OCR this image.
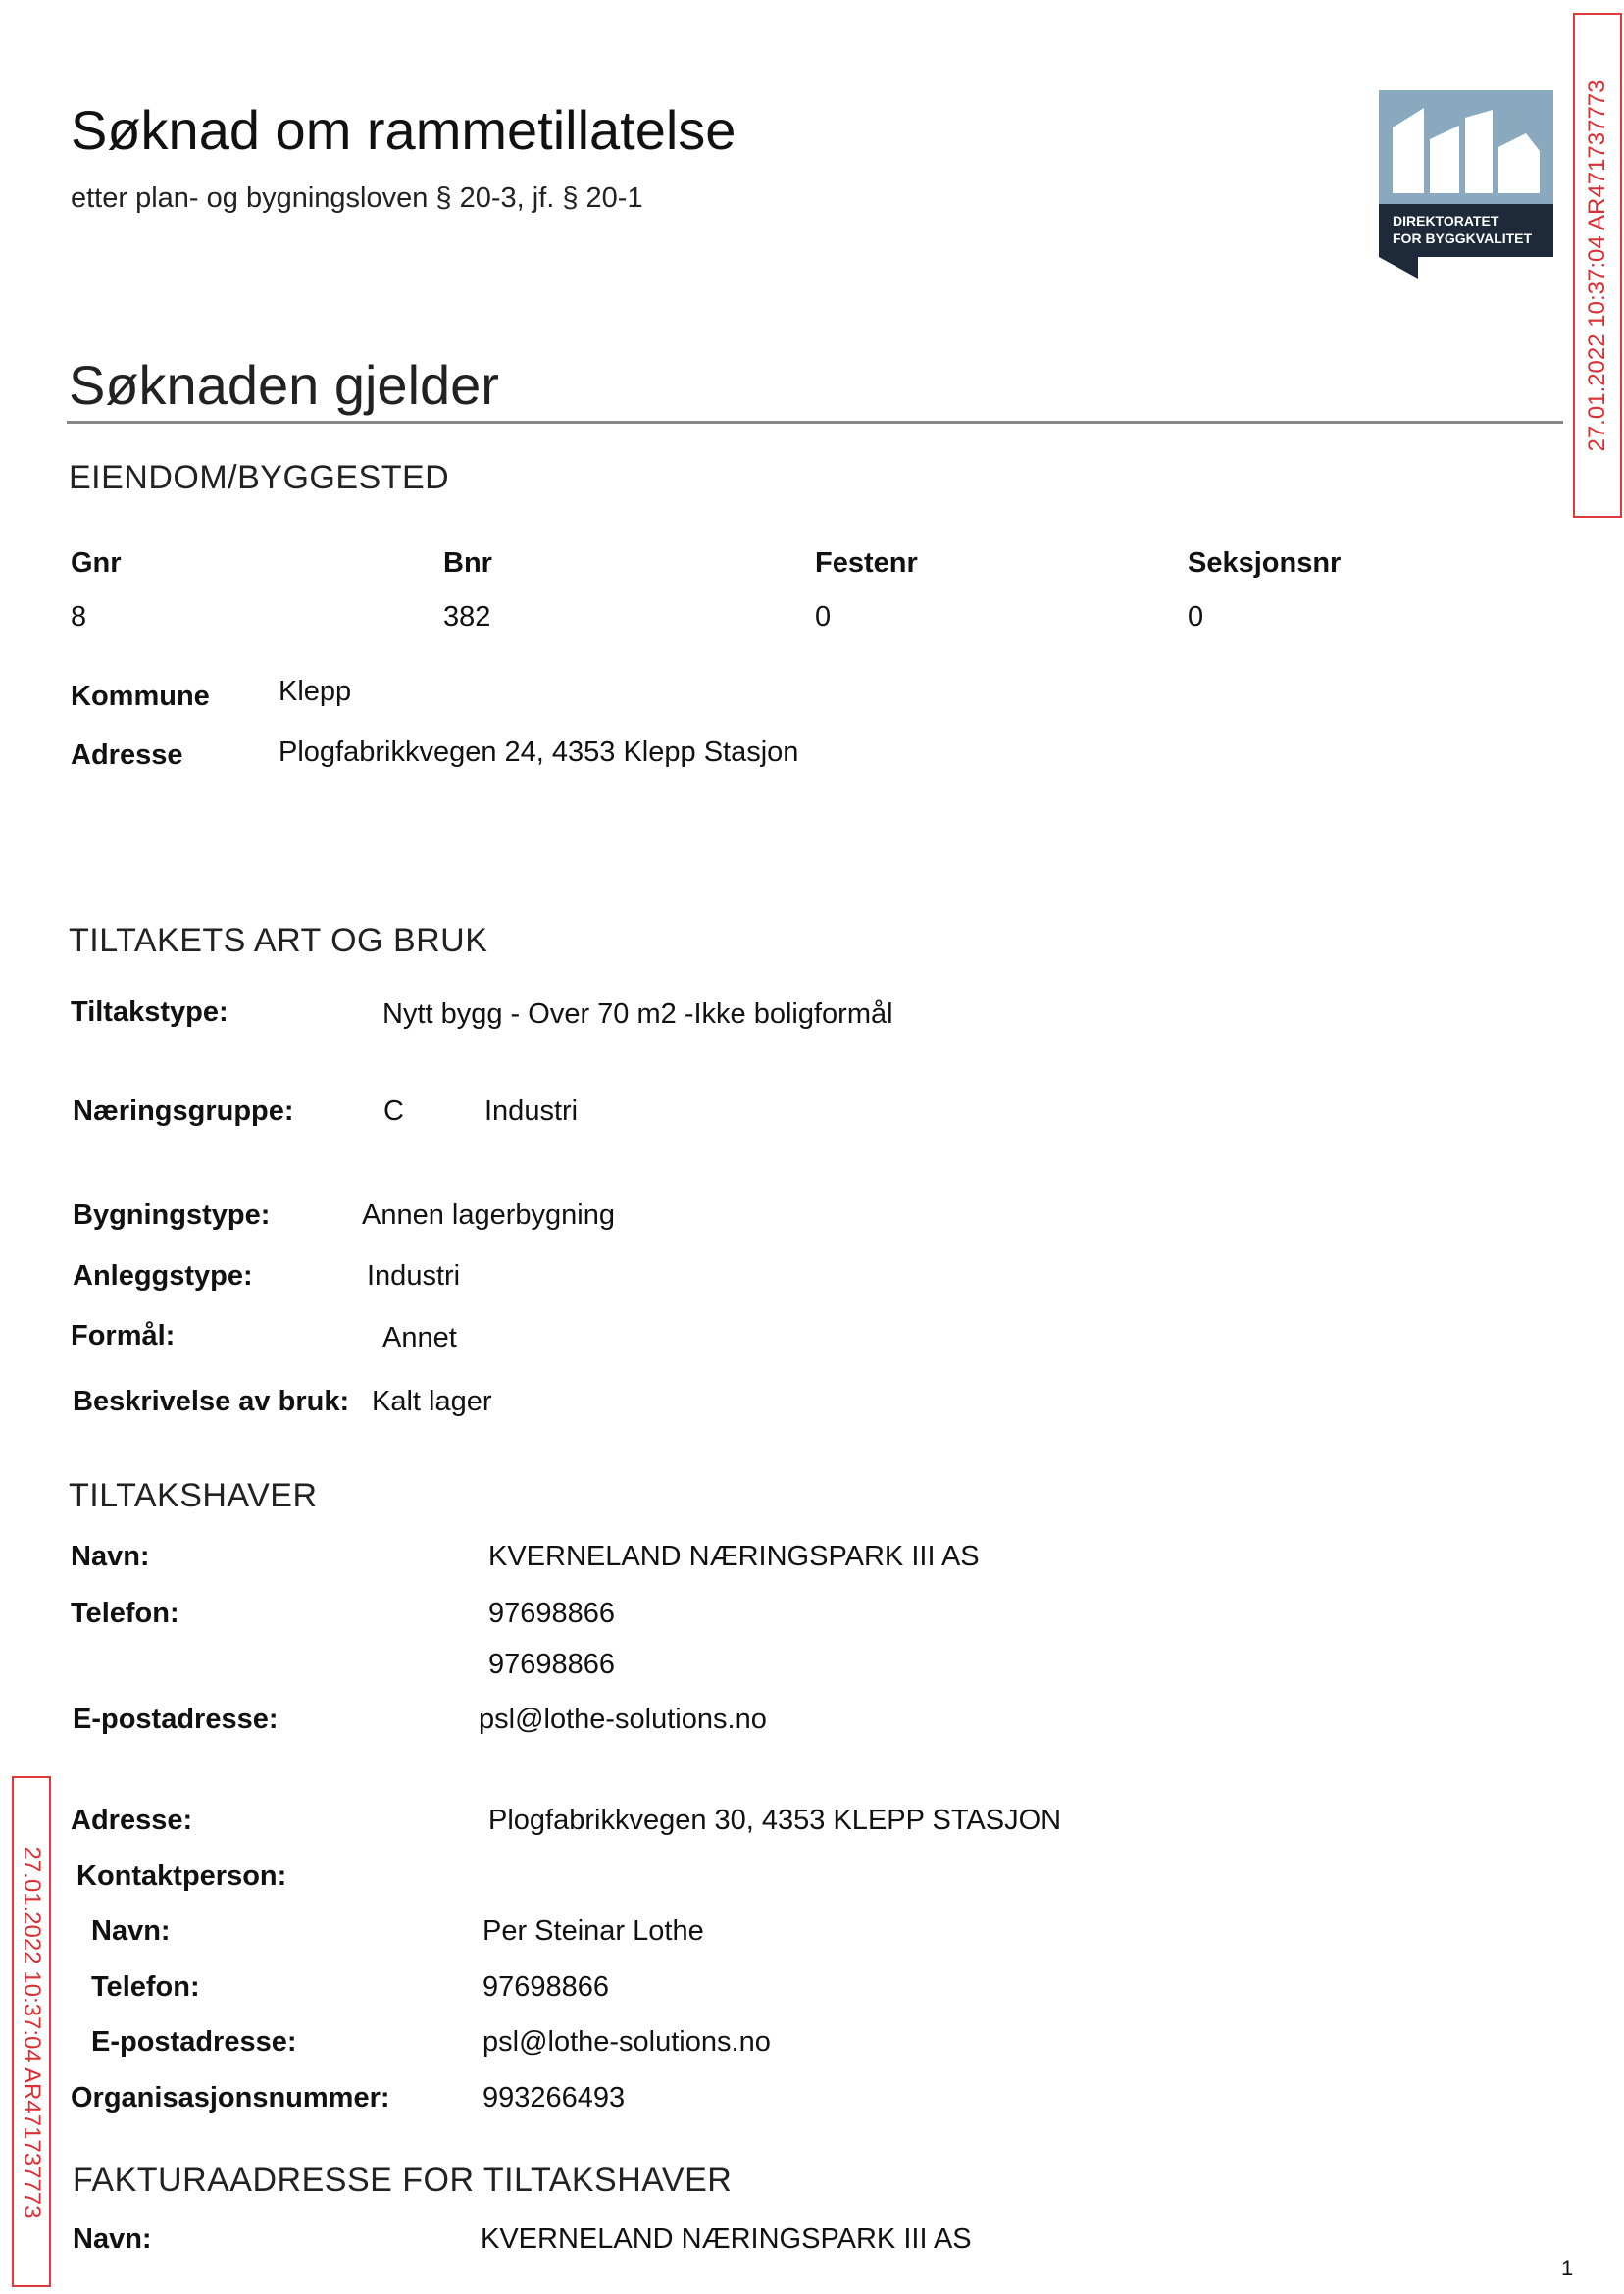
Søknad om rammetillatelse
etter plan- og bygningsloven § 20-3, jf. § 20-1
DIREKTORATET
FOR BYGGKVALITET 27.01.2022 10:37:04 AR471737773
27.01.2022 10:37:04 AR471737773
Søknaden gjelder
EIENDOM/BYGGESTED
Gnr	Bnr	Festenr	Seksjonsnr
8	382	0	0
Kommune Klepp
Adresse	Plogfabrikkvegen 24, 4353 Klepp Stasjon
TILTAKETS ART OG BRUK
Tiltakstype:	Nytt bygg - Over 70 m2 -Ikke boligformål
Næringsgruppe:	C	Industri
Bygningstype:	Annen lagerbygning
Anleggstype:	Industri
Formål:	Annet
Beskrivelse av bruk: Kalt lager
TILTAKSHAVER
Navn:	KVERNELAND NÆRINGSPARK III AS
Telefon:	97698866
97698866
E-postadresse:	psl@lothe-solutions.no
Adresse:	Plogfabrikkvegen 30, 4353 KLEPP STASJON
Kontaktperson:
Navn:	Per Steinar Lothe
Telefon:	97698866
E-postadresse:	psl@lothe-solutions.no
Organisasjonsnummer:	993266493
FAKTURAADRESSE FOR TILTAKSHAVER
Navn:	KVERNELAND NÆRINGSPARK III AS
1
